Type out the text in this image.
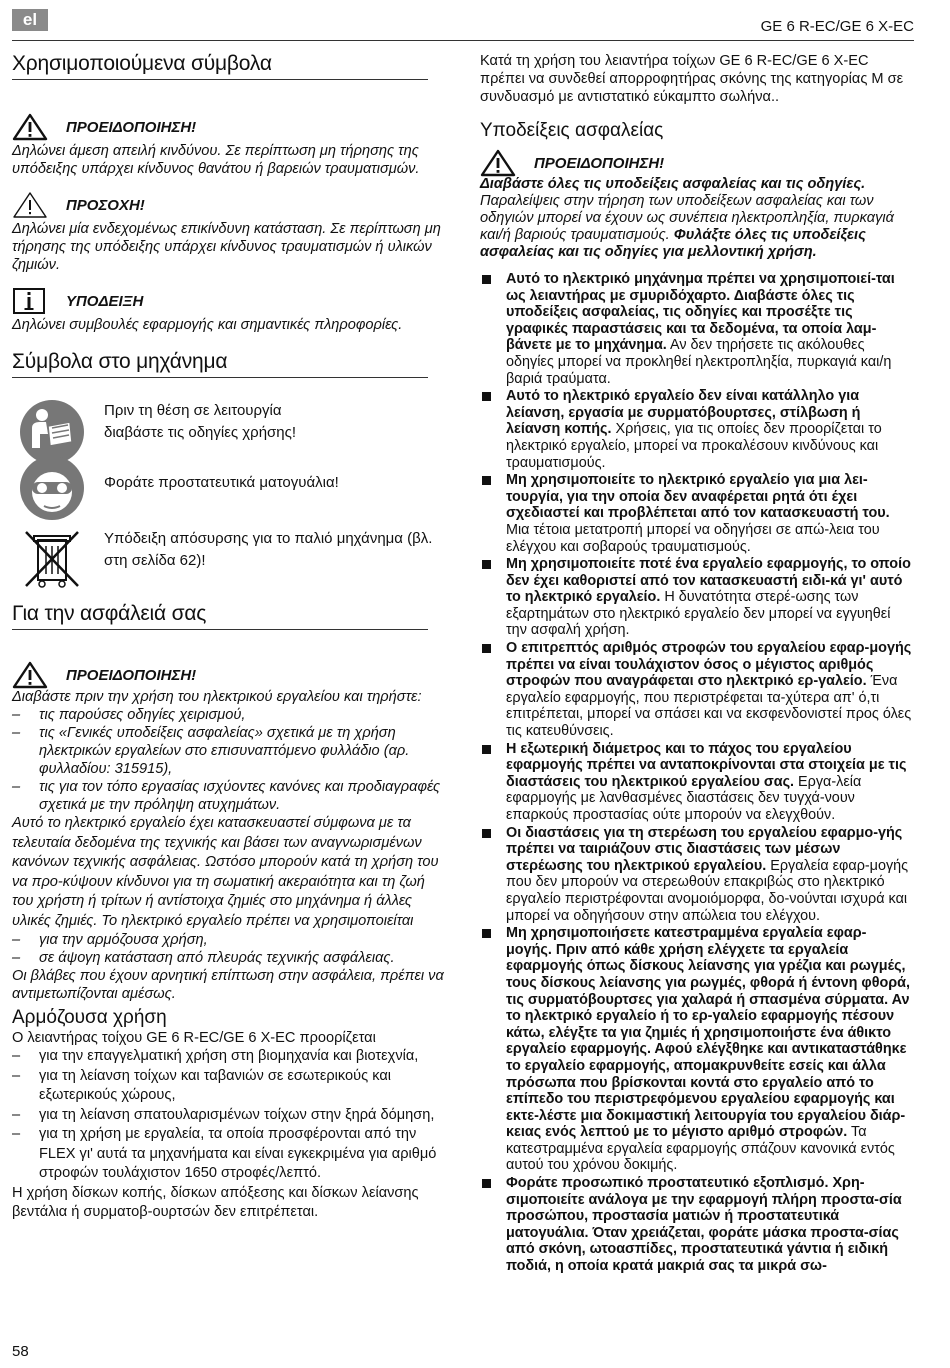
el	GE 6 R-EC/GE 6 X-EC
Χρησιμοποιούμενα σύμβολα
ΠΡΟΕΙΔΟΠΟΙΗΣΗ!
Δηλώνει άμεση απειλή κινδύνου. Σε περίπτωση μη τήρησης της υπόδειξης υπάρχει κίνδυνος θανάτου ή βαρειών τραυματισμών.
ΠΡΟΣΟΧΗ!
Δηλώνει μία ενδεχομένως επικίνδυνη κατάσταση. Σε περίπτωση μη τήρησης της υπόδειξης υπάρχει κίνδυνος τραυματισμών ή υλικών ζημιών.
ΥΠΟΔΕΙΞΗ
Δηλώνει συμβουλές εφαρμογής και σημαντικές πληροφορίες.
Σύμβολα στο μηχάνημα
Πριν τη θέση σε λειτουργία διαβάστε τις οδηγίες χρήσης!
Φοράτε προστατευτικά ματογυάλια!
Υπόδειξη απόσυρσης για το παλιό μηχάνημα (βλ. στη σελίδα 62)!
Για την ασφάλειά σας
ΠΡΟΕΙΔΟΠΟΙΗΣΗ!
Διαβάστε πριν την χρήση του ηλεκτρικού εργαλείου και τηρήστε:
–	τις παρούσες οδηγίες χειρισμού,
–	τις «Γενικές υποδείξεις ασφαλείας» σχετικά με τη χρήση ηλεκτρικών εργαλείων στο επισυναπτόμενο φυλλάδιο (αρ. φυλλαδίου: 315915),
–	τις για τον τόπο εργασίας ισχύοντες κανόνες και προδιαγραφές σχετικά με την πρόληψη ατυχημάτων.
Αυτό το ηλεκτρικό εργαλείο έχει κατασκευαστεί σύμφωνα με τα τελευταία δεδομένα της τεχνικής και βάσει των αναγνωρισμένων κανόνων τεχνικής ασφάλειας. Ωστόσο μπορούν κατά τη χρήση του να προ-κύψουν κίνδυνοι για τη σωματική ακεραιότητα και τη ζωή του χρήστη ή τρίτων ή αντίστοιχα ζημιές στο μηχάνημα ή άλλες υλικές ζημιές. Το ηλεκτρικό εργαλείο πρέπει να χρησιμοποιείται
–	για την αρμόζουσα χρήση,
–	σε άψογη κατάσταση από πλευράς τεχνικής ασφάλειας.
Οι βλάβες που έχουν αρνητική επίπτωση στην ασφάλεια, πρέπει να αντιμετωπίζονται αμέσως.
Αρμόζουσα χρήση
Ο λειαντήρας τοίχου GE 6 R-EC/GE 6 X-EC προορίζεται
–	για την επαγγελματική χρήση στη βιομηχανία και βιοτεχνία,
–	για τη λείανση τοίχων και ταβανιών σε εσωτερικούς και εξωτερικούς χώρους,
–	για τη λείανση σπατουλαρισμένων τοίχων στην ξηρά δόμηση,
–	για τη χρήση με εργαλεία, τα οποία προσφέρονται από την FLEX γι' αυτά τα μηχανήματα και είναι εγκεκριμένα για αριθμό στροφών τουλάχιστον 1650 στροφές/λεπτό.
Η χρήση δίσκων κοπής, δίσκων απόξεσης και δίσκων λείανσης βεντάλια ή συρματοβ-ουρτσών δεν επιτρέπεται.
Κατά τη χρήση του λειαντήρα τοίχων GE 6 R-EC/GE 6 X-EC πρέπει να συνδεθεί απορροφητήρας σκόνης της κατηγορίας M σε συνδυασμό με αντιστατικό εύκαμπτο σωλήνα..
Υποδείξεις ασφαλείας
ΠΡΟΕΙΔΟΠΟΙΗΣΗ!
Διαβάστε όλες τις υποδείξεις ασφαλείας και τις οδηγίες. Παραλείψεις στην τήρηση των υποδείξεων ασφαλείας και των οδηγιών μπορεί να έχουν ως συνέπεια ηλεκτροπληξία, πυρκαγιά και/ή βαριούς τραυματισμούς. Φυλάξτε όλες τις υποδείξεις ασφαλείας και τις οδηγίες για μελλοντική χρήση.
Αυτό το ηλεκτρικό μηχάνημα πρέπει να χρησιμοποιεί-ται ως λειαντήρας με σμυριδόχαρτο. Διαβάστε όλες τις υποδείξεις ασφαλείας, τις οδηγίες και προσέξτε τις γραφικές παραστάσεις και τα δεδομένα, τα οποία λαμ-βάνετε με το μηχάνημα. Αν δεν τηρήσετε τις ακόλουθες οδηγίες μπορεί να προκληθεί ηλεκτροπληξία, πυρκαγιά και/η βαριά τραύματα.
Αυτό το ηλεκτρικό εργαλείο δεν είναι κατάλληλο για λείανση, εργασία με συρματόβουρτσες, στίλβωση ή λείανση κοπής. Χρήσεις, για τις οποίες δεν προορίζεται το ηλεκτρικό εργαλείο, μπορεί να προκαλέσουν κινδύνους και τραυματισμούς.
Μη χρησιμοποιείτε το ηλεκτρικό εργαλείο για μια λει-τουργία, για την οποία δεν αναφέρεται ρητά ότι έχει σχεδιαστεί και προβλέπεται από τον κατασκευαστή του. Μια τέτοια μετατροπή μπορεί να οδηγήσει σε απώ-λεια του ελέγχου και σοβαρούς τραυματισμούς.
Μη χρησιμοποιείτε ποτέ ένα εργαλείο εφαρμογής, το οποίο δεν έχει καθοριστεί από τον κατασκευαστή ειδι-κά γι' αυτό το ηλεκτρικό εργαλείο. Η δυνατότητα στερέ-ωσης των εξαρτημάτων στο ηλεκτρικό εργαλείο δεν μπορεί να εγγυηθεί την ασφαλή χρήση.
Ο επιτρεπτός αριθμός στροφών του εργαλείου εφαρ-μογής πρέπει να είναι τουλάχιστον όσος ο μέγιστος αριθμός στροφών που αναγράφεται στο ηλεκτρικό ερ-γαλείο. Ένα εργαλείο εφαρμογής, που περιστρέφεται τα-χύτερα απ' ό,τι επιτρέπεται, μπορεί να σπάσει και να εκσφενδονιστεί προς όλες τις κατευθύνσεις.
Η εξωτερική διάμετρος και το πάχος του εργαλείου εφαρμογής πρέπει να ανταποκρίνονται στα στοιχεία με τις διαστάσεις του ηλεκτρικού εργαλείου σας. Εργα-λεία εφαρμογής με λανθασμένες διαστάσεις δεν τυγχά-νουν επαρκούς προστασίας ούτε μπορούν να ελεγχθούν.
Οι διαστάσεις για τη στερέωση του εργαλείου εφαρμο-γής πρέπει να ταιριάζουν στις διαστάσεις των μέσων στερέωσης του ηλεκτρικού εργαλείου. Εργαλεία εφαρ-μογής που δεν μπορούν να στερεωθούν επακριβώς στο ηλεκτρικό εργαλείο περιστρέφονται ανομοιόμορφα, δο-νούνται ισχυρά και μπορεί να οδηγήσουν στην απώλεια του ελέγχου.
Μη χρησιμοποιήσετε κατεστραμμένα εργαλεία εφαρ-μογής. Πριν από κάθε χρήση ελέγχετε τα εργαλεία εφαρμογής όπως δίσκους λείανσης για γρέζια και ρωγμές, τους δίσκους λείανσης για ρωγμές, φθορά ή έντονη φθορά, τις συρματόβουρτσες για χαλαρά ή σπασμένα σύρματα. Αν το ηλεκτρικό εργαλείο ή το ερ-γαλείο εφαρμογής πέσουν κάτω, ελέγξτε τα για ζημιές ή χρησιμοποιήστε ένα άθικτο εργαλείο εφαρμογής. Αφού ελέγξθηκε και αντικαταστάθηκε το εργαλείο εφαρμογής, απομακρυνθείτε εσείς και άλλα πρόσωπα που βρίσκονται κοντά στο εργαλείο από το επίπεδο του περιστρεφόμενου εργαλείου εφαρμογής και εκτε-λέστε μια δοκιμαστική λειτουργία του εργαλείου διάρ-κειας ενός λεπτού με το μέγιστο αριθμό στροφών. Τα κατεστραμμένα εργαλεία εφαρμογής σπάζουν κανονικά εντός αυτού του χρόνου δοκιμής.
Φοράτε προσωπικό προστατευτικό εξοπλισμό. Χρη-σιμοποιείτε ανάλογα με την εφαρμογή πλήρη προστα-σία προσώπου, προστασία ματιών ή προστατευτικά ματογυάλια. Όταν χρειάζεται, φοράτε μάσκα προστα-σίας από σκόνη, ωτοασπίδες, προστατευτικά γάντια ή ειδική ποδιά, η οποία κρατά μακριά σας τα μικρά σω-
58
